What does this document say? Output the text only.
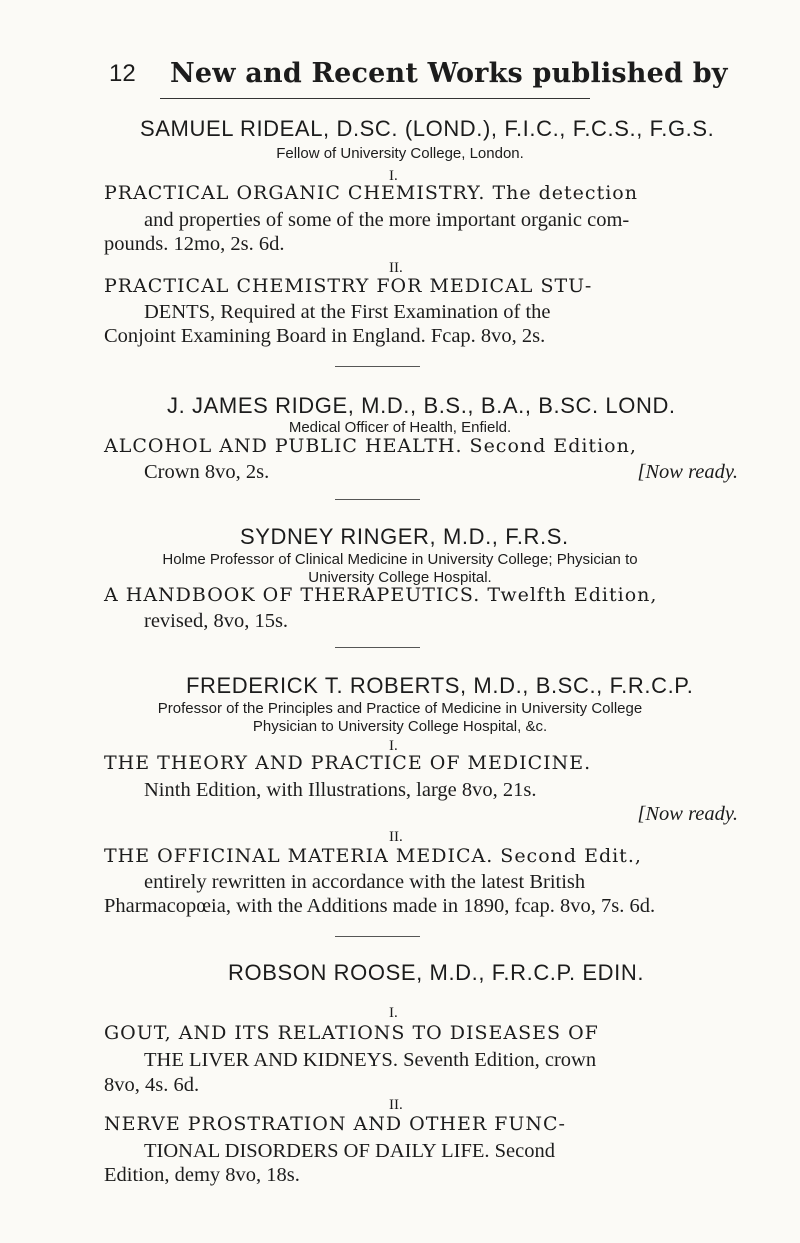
12 New and Recent Works published by
SAMUEL RIDEAL, D.SC. (LOND.), F.I.C., F.C.S., F.G.S.
Fellow of University College, London.
I.
PRACTICAL ORGANIC CHEMISTRY. The detection
and properties of some of the more important organic com-
pounds. 12mo, 2s. 6d.
II.
PRACTICAL CHEMISTRY FOR MEDICAL STU-
DENTS, Required at the First Examination of the
Conjoint Examining Board in England. Fcap. 8vo, 2s.
J. JAMES RIDGE, M.D., B.S., B.A., B.SC. LOND.
Medical Officer of Health, Enfield.
ALCOHOL AND PUBLIC HEALTH. Second Edition,
Crown 8vo, 2s.	[Now ready.
SYDNEY RINGER, M.D., F.R.S.
Holme Professor of Clinical Medicine in University College; Physician to
University College Hospital.
A HANDBOOK OF THERAPEUTICS. Twelfth Edition,
revised, 8vo, 15s.
FREDERICK T. ROBERTS, M.D., B.SC., F.R.C.P.
Professor of the Principles and Practice of Medicine in University College
Physician to University College Hospital, &c.
I.
THE THEORY AND PRACTICE OF MEDICINE.
Ninth Edition, with Illustrations, large 8vo, 21s.
[Now ready.
II.
THE OFFICINAL MATERIA MEDICA. Second Edit.,
entirely rewritten in accordance with the latest British
Pharmacopœia, with the Additions made in 1890, fcap. 8vo, 7s. 6d.
ROBSON ROOSE, M.D., F.R.C.P. EDIN.
I.
GOUT, AND ITS RELATIONS TO DISEASES OF
THE LIVER AND KIDNEYS. Seventh Edition, crown
8vo, 4s. 6d.
II.
NERVE PROSTRATION AND OTHER FUNC-
TIONAL DISORDERS OF DAILY LIFE. Second
Edition, demy 8vo, 18s.
